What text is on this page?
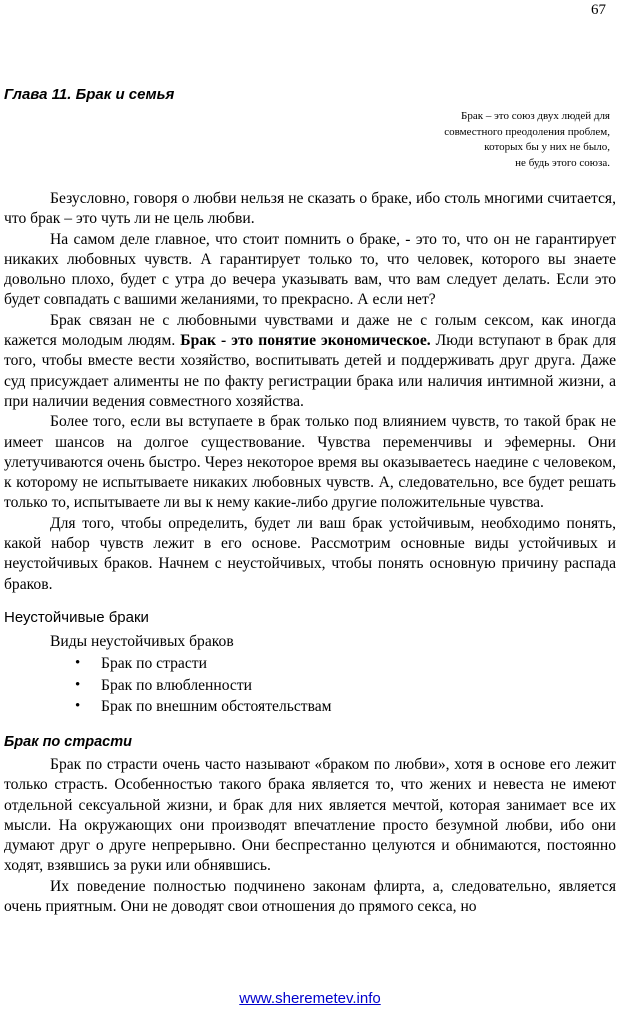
67
Глава 11. Брак и семья
Брак – это союз двух людей для
совместного преодоления проблем,
которых бы у них не было,
не будь этого союза.

Безусловно, говоря о любви нельзя не сказать о браке, ибо столь многими считается, что брак – это чуть ли не цель любви.

На самом деле главное, что стоит помнить о браке, - это то, что он не гарантирует никаких любовных чувств. А гарантирует только то, что человек, которого вы знаете довольно плохо, будет с утра до вечера указывать вам, что вам следует делать. Если это будет совпадать с вашими желаниями, то прекрасно. А если нет?

Брак связан не с любовными чувствами и даже не с голым сексом, как иногда кажется молодым людям. Брак - это понятие экономическое. Люди вступают в брак для того, чтобы вместе вести хозяйство, воспитывать детей и поддерживать друг друга. Даже суд присуждает алименты не по факту регистрации брака или наличия интимной жизни, а при наличии ведения совместного хозяйства.

Более того, если вы вступаете в брак только под влиянием чувств, то такой брак не имеет шансов на долгое существование. Чувства переменчивы и эфемерны. Они улетучиваются очень быстро. Через некоторое время вы оказываетесь наедине с человеком, к которому не испытываете никаких любовных чувств. А, следовательно, все будет решать только то, испытываете ли вы к нему какие-либо другие положительные чувства.

Для того, чтобы определить, будет ли ваш брак устойчивым, необходимо понять, какой набор чувств лежит в его основе. Рассмотрим основные виды устойчивых и неустойчивых браков. Начнем с неустойчивых, чтобы понять основную причину распада браков.

Неустойчивые браки
Виды неустойчивых браков
• Брак по страсти
• Брак по влюбленности
• Брак по внешним обстоятельствам
Брак по страсти

Брак по страсти очень часто называют «браком по любви», хотя в основе его лежит только страсть. Особенностью такого брака является то, что жених и невеста не имеют отдельной сексуальной жизни, и брак для них является мечтой, которая занимает все их мысли. На окружающих они производят впечатление просто безумной любви, ибо они думают друг о друге непрерывно. Они беспрестанно целуются и обнимаются, постоянно ходят, взявшись за руки или обнявшись.

Их поведение полностью подчинено законам флирта, а, следовательно, является очень приятным. Они не доводят свои отношения до прямого секса, но

www.sheremetev.info
